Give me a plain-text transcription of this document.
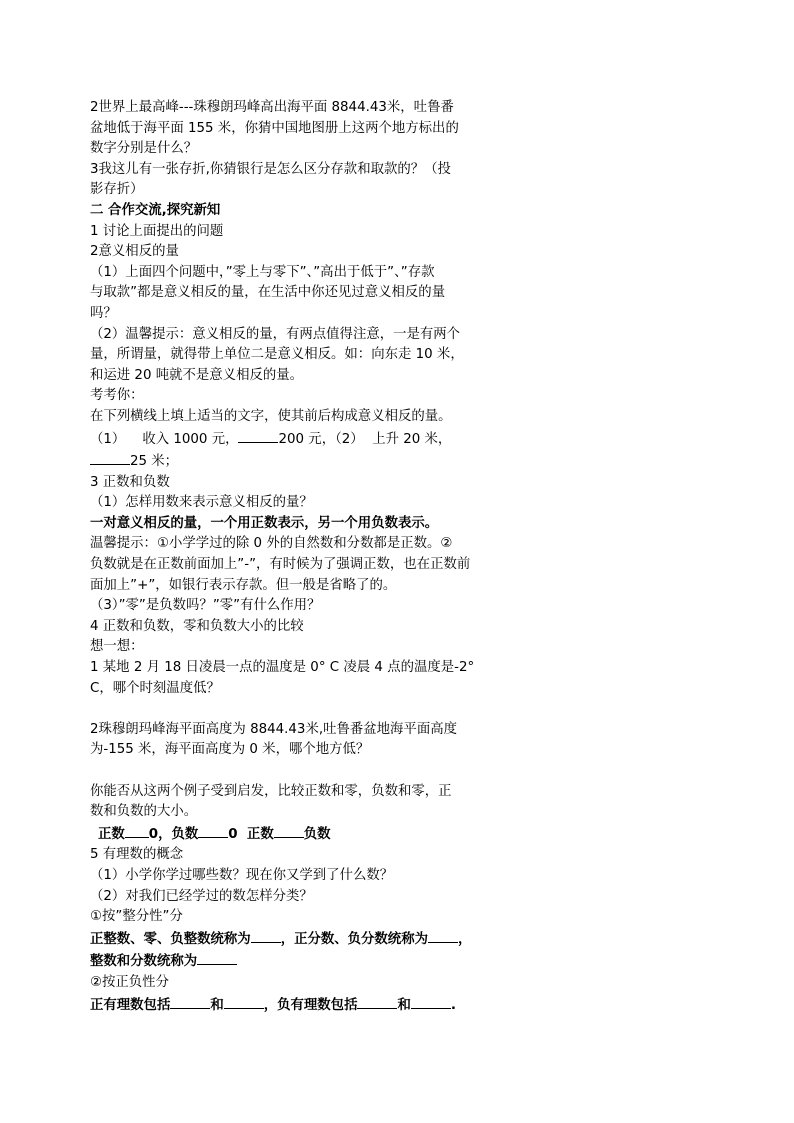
2世界上最高峰---珠穆朗玛峰高出海平面 8844.43米，吐鲁番

盆地低于海平面 155 米，你猜中国地图册上这两个地方标出的

数字分别是什么？

3我这儿有一张存折,你猜银行是怎么区分存款和取款的？（投

影存折）

二 合作交流,探究新知

1 讨论上面提出的问题

2意义相反的量

（1）上面四个问题中，”零上与零下”、”高出于低于”、”存款

与取款”都是意义相反的量，在生活中你还见过意义相反的量

吗？

（2）温馨提示：意义相反的量，有两点值得注意，一是有两个

量，所谓量，就得带上单位二是意义相反。如：向东走 10 米，

和运进 20 吨就不是意义相反的量。

考考你：

在下列横线上填上适当的文字，使其前后构成意义相反的量。

（1）    收入 1000 元，	200 元，（2）  上升 20 米，

25 米；

3 正数和负数

（1）怎样用数来表示意义相反的量？

一对意义相反的量，一个用正数表示，另一个用负数表示。

温馨提示：①小学学过的除 0 外的自然数和分数都是正数。②

负数就是在正数前面加上”-”，有时候为了强调正数，也在正数前

面加上”+”，如银行表示存款。但一般是省略了的。

（3）”零”是负数吗？”零”有什么作用？

4 正数和负数，零和负数大小的比较

想一想：

1 某地 2 月 18 日凌晨一点的温度是 0° C 凌晨 4 点的温度是-2°

C，哪个时刻温度低？

2珠穆朗玛峰海平面高度为 8844.43米,吐鲁番盆地海平面高度

为-155 米，海平面高度为 0 米，哪个地方低？

你能否从这两个例子受到启发，比较正数和零，负数和零，正

数和负数的大小。

正数 0，负数 0  正数 负数

5 有理数的概念

（1）小学你学过哪些数？现在你又学到了什么数？

（2）对我们已经学过的数怎样分类？

①按”整分性”分

正整数、零、负整数统称为 ，正分数、负分数统称为 ，

整数和分数统称为

②按正负性分

正有理数包括	和	，负有理数包括	和	.
